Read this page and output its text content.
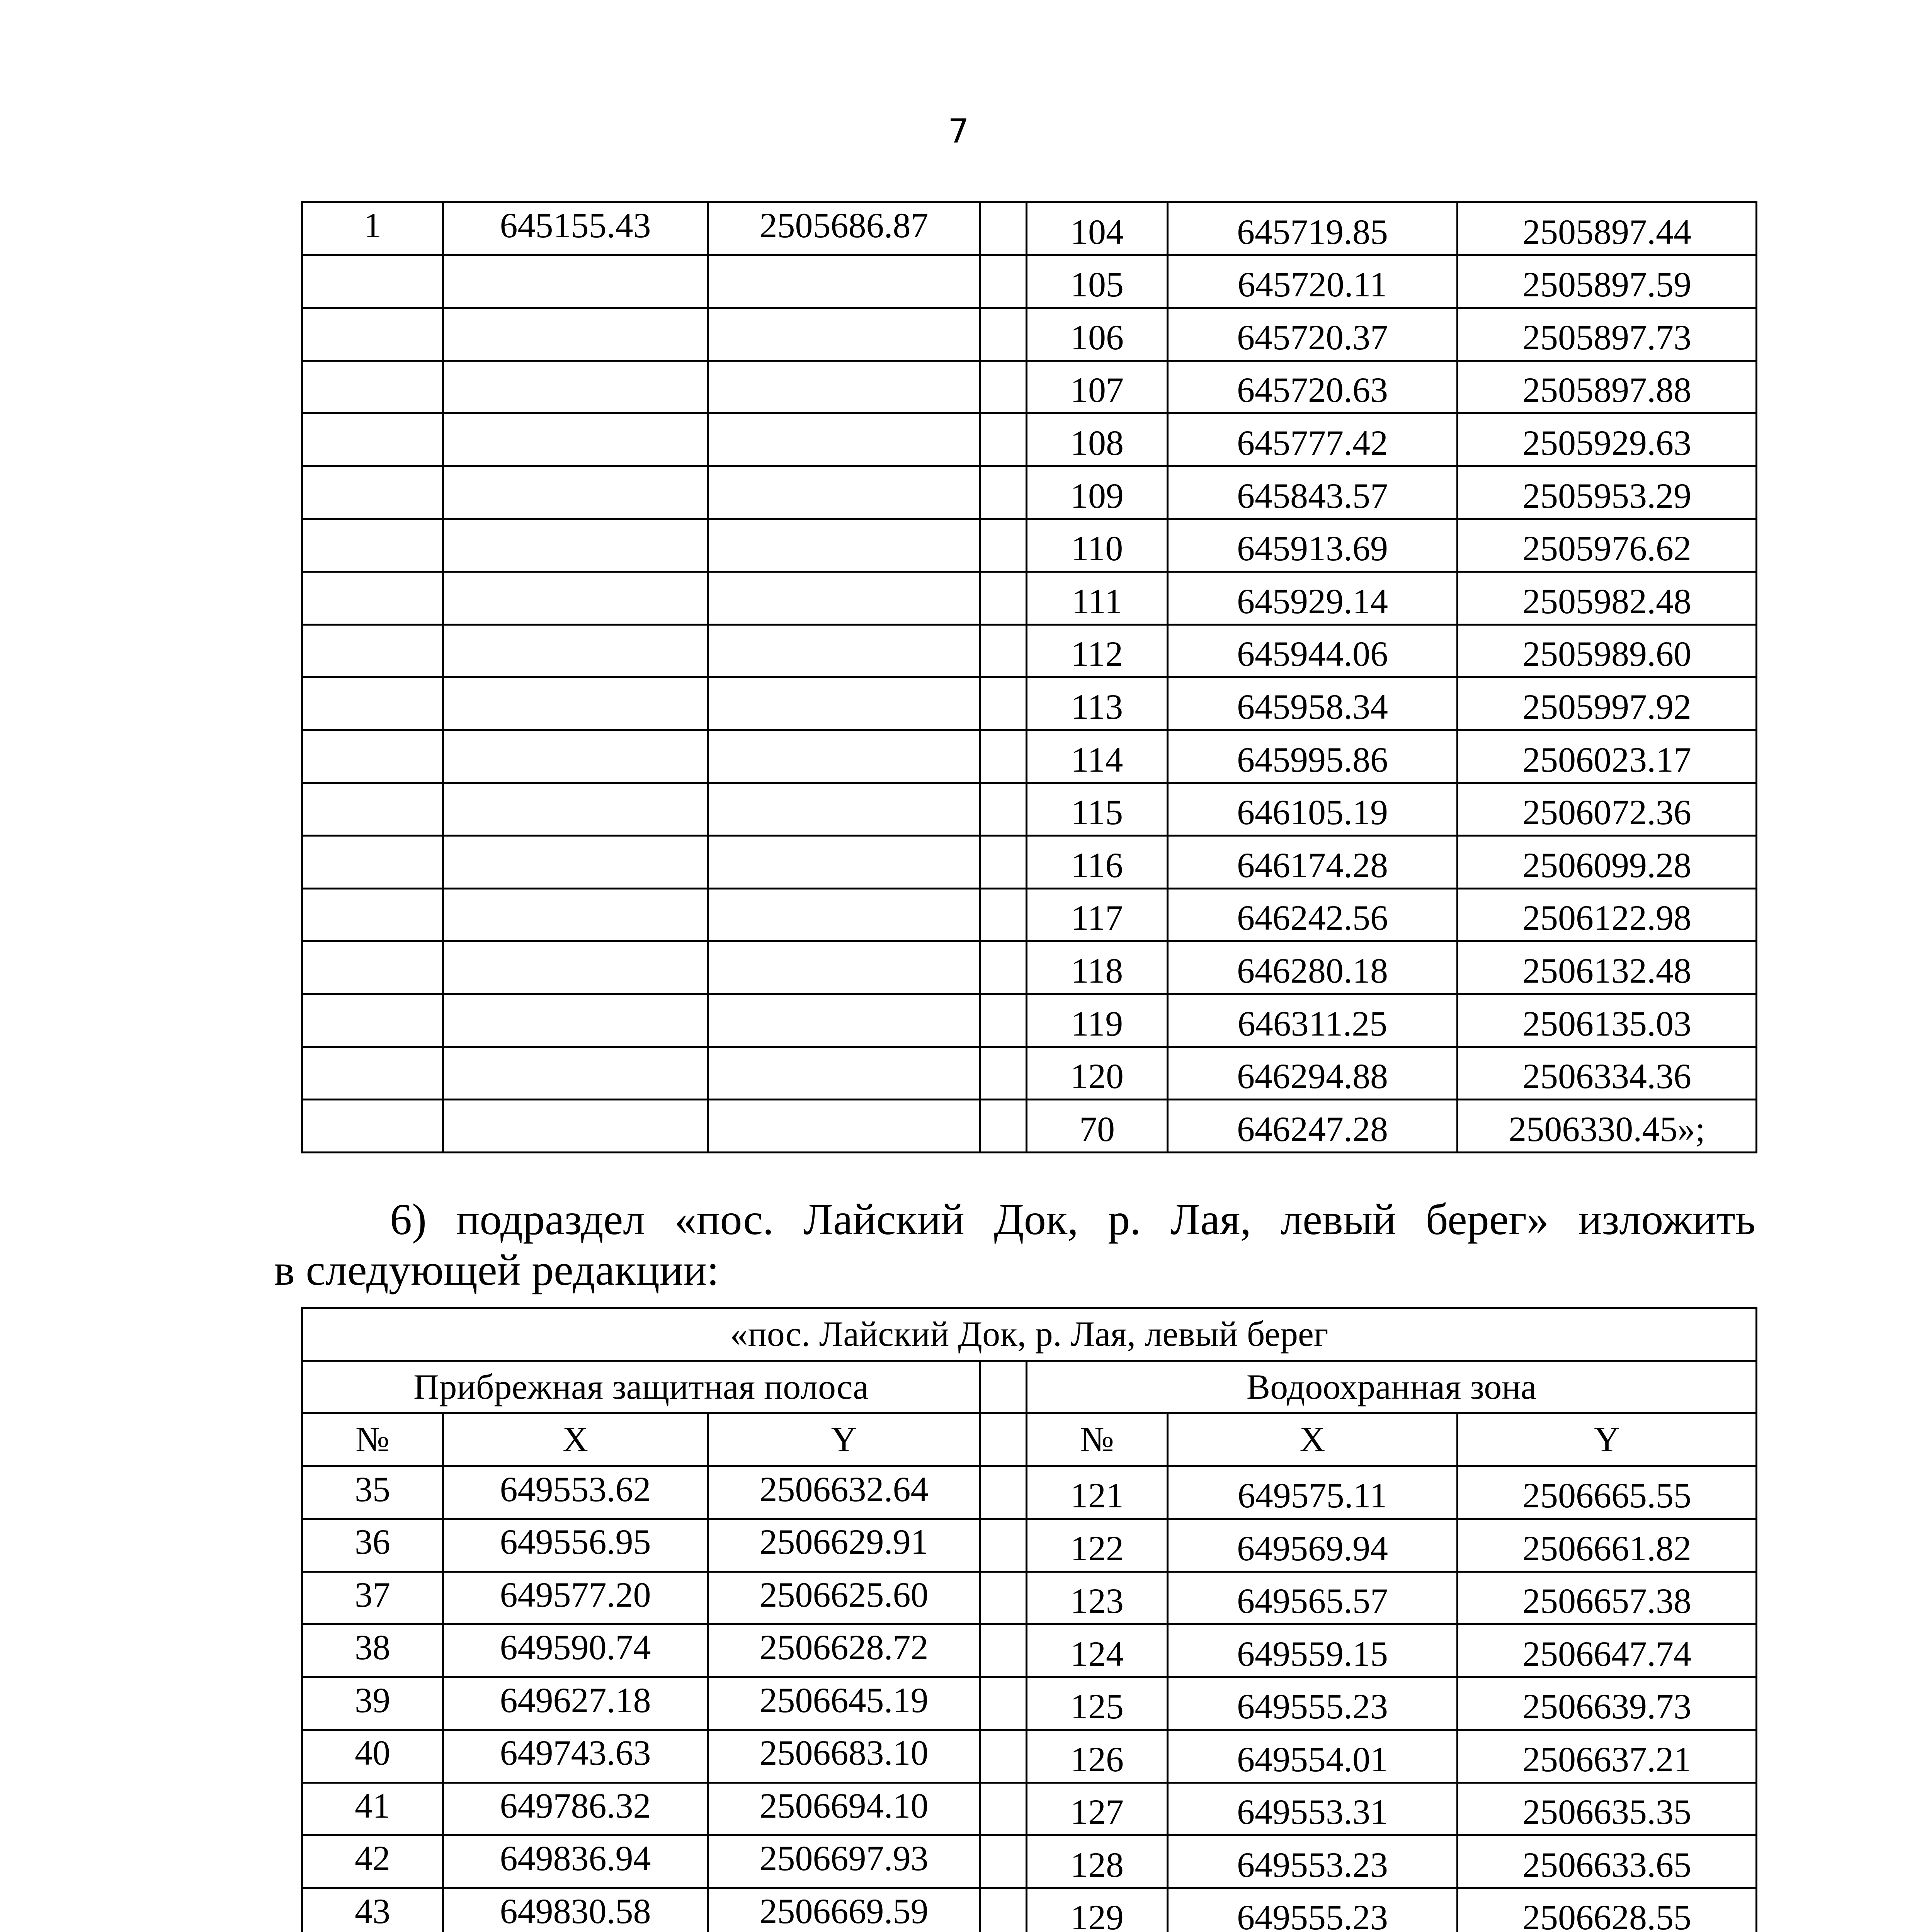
7
1	645155.43	2505686.87		104	645719.85	2505897.44
				105	645720.11	2505897.59
				106	645720.37	2505897.73
				107	645720.63	2505897.88
				108	645777.42	2505929.63
				109	645843.57	2505953.29
				110	645913.69	2505976.62
				111	645929.14	2505982.48
				112	645944.06	2505989.60
				113	645958.34	2505997.92
				114	645995.86	2506023.17
				115	646105.19	2506072.36
				116	646174.28	2506099.28
				117	646242.56	2506122.98
				118	646280.18	2506132.48
				119	646311.25	2506135.03
				120	646294.88	2506334.36
				70	646247.28	2506330.45»;
6) подраздел «пос. Лайский Док, р. Лая, левый берег» изложить
в следующей редакции:
«пос. Лайский Док, р. Лая, левый берег						
Прибрежная защитная полоса				Водоохранная зона		
№	X	Y		№	X	Y
35	649553.62	2506632.64		121	649575.11	2506665.55
36	649556.95	2506629.91		122	649569.94	2506661.82
37	649577.20	2506625.60		123	649565.57	2506657.38
38	649590.74	2506628.72		124	649559.15	2506647.74
39	649627.18	2506645.19		125	649555.23	2506639.73
40	649743.63	2506683.10		126	649554.01	2506637.21
41	649786.32	2506694.10		127	649553.31	2506635.35
42	649836.94	2506697.93		128	649553.23	2506633.65
43	649830.58	2506669.59		129	649555.23	2506628.55
